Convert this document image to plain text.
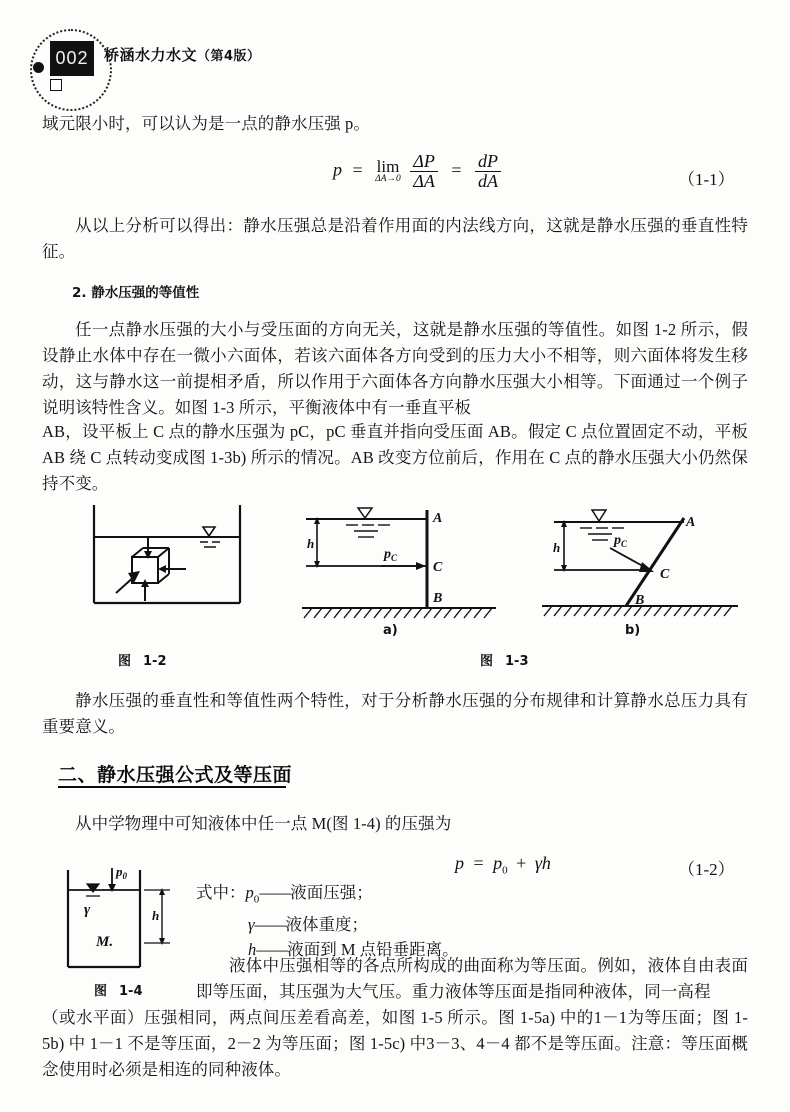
002	桥涵水力水文（第4版）
域元限小时，可以认为是一点的静水压强 p。
p = lim
ΔA→0
$\frac{\Delta P}{\Delta A} = \frac{dP}{dA}$	（1-1）
从以上分析可以得出：静水压强总是沿着作用面的内法线方向，这就是静水压强的垂直性特征。
2. 静水压强的等值性
任一点静水压强的大小与受压面的方向无关，这就是静水压强的等值性。如图 1-2 所示，假设静止水体中存在一微小六面体，若该六面体各方向受到的压力大小不相等，则六面体将发生移动，这与静水这一前提相矛盾，所以作用于六面体各方向静水压强大小相等。下面通过一个例子说明该特性含义。如图 1-3 所示，平衡液体中有一垂直平板
AB，设平板上 C 点的静水压强为 pC，pC 垂直并指向受压面 AB。假定 C 点位置固定不动，平板 AB 绕 C 点转动变成图 1-3b) 所示的情况。AB 改变方位前后，作用在 C 点的静水压强大小仍然保持不变。
图 1-2
h
$p_C$
A
C
B
a)
h
A
C
B
$p_C$
b)
图 1-3
静水压强的垂直性和等值性两个特性，对于分析静水压强的分布规律和计算静水总压力具有重要意义。
二、静水压强公式及等压面
从中学物理中可知液体中任一点 M(图 1-4) 的压强为
$p = p_0 + \gamma h$	（1-2）
$p_0$
γ
M.
h
图 1-4
式中：$p_0——$液面压强；
γ——液体重度；
h——液面到 M 点铅垂距离。
液体中压强相等的各点所构成的曲面称为等压面。例如，液体自由表面即等压面，其压强为大气压。重力液体等压面是指同种液体，同一高程
（或水平面）压强相同，两点间压差看高差，如图 1-5 所示。图 1-5a) 中的1－1为等压面；图 1-5b) 中 1－1 不是等压面，2－2 为等压面；图 1-5c) 中3－3、4－4 都不是等压面。注意：等压面概念使用时必须是相连的同种液体。
